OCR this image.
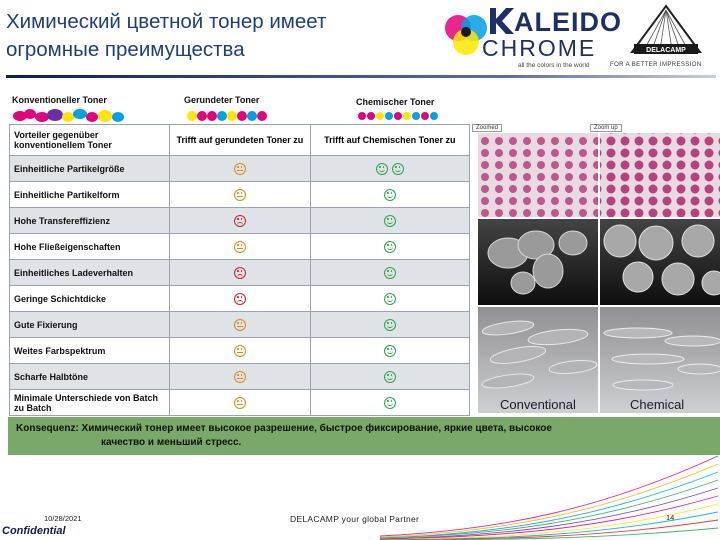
Химический цветной тонер имеет
огромные преимущества
ALEIDO
CHROME
all the colors in the world
DELACAMP
FOR A BETTER IMPRESSION
Konventioneller Toner	Gerundeter Toner	Chemischer Toner
Vorteiler gegenüber konventionellem Toner	Trifft auf gerundeten Toner zu	Trifft auf Chemischen Toner zu
Einheitliche Partikelgröße	

Einheitliche Partikelform	

Hohe Transfereffizienz	

Hohe Fließeigenschaften	

Einheitliches Ladeverhalten	

Geringe Schichtdicke	

Gute Fixierung	

Weites Farbspektrum	

Scharfe Halbtöne	

Minimale Unterschiede von Batch zu Batch	

Zoomed	Zoom up
Conventional	Chemical
Konsequenz: Химический тонер имеет высокое разрешение, быстрое фиксирование, яркие цвета, высокое
качество и меньший стресс.
10/28/2021
Confidential
DELACAMP your global Partner	14
